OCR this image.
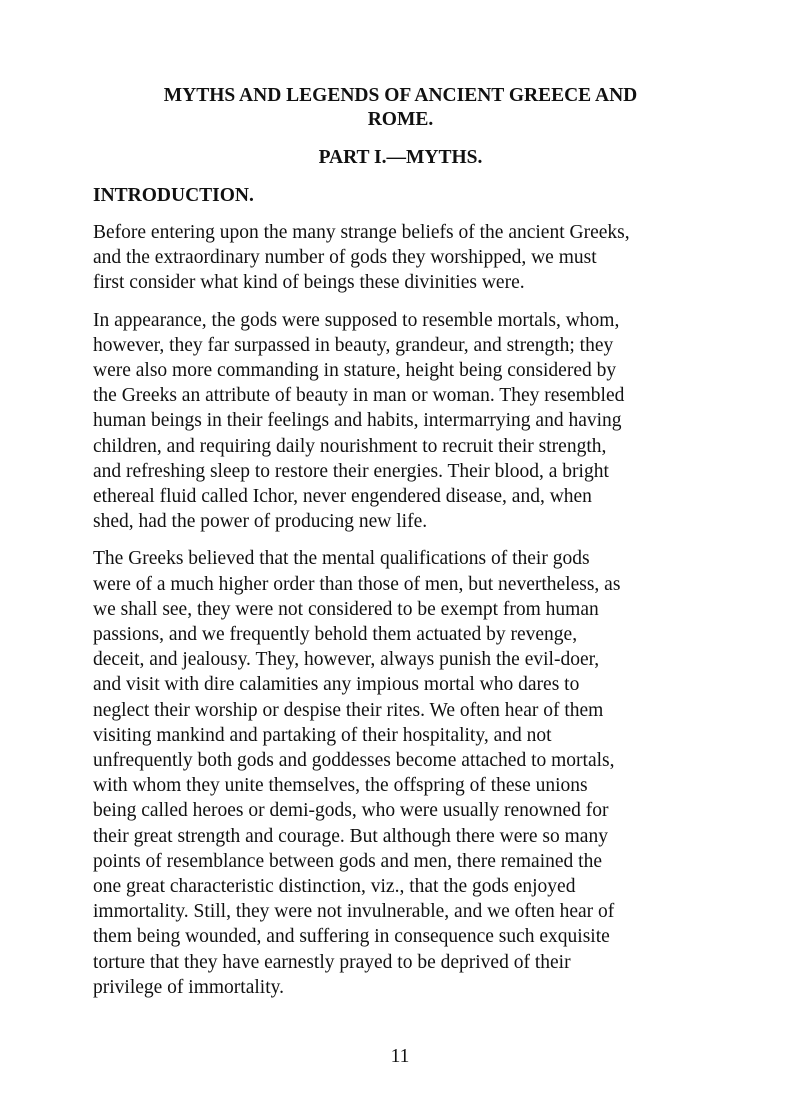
MYTHS AND LEGENDS OF ANCIENT GREECE AND
ROME.
PART I.—MYTHS.
INTRODUCTION.
Before entering upon the many strange beliefs of the ancient Greeks,
and the extraordinary number of gods they worshipped, we must
first consider what kind of beings these divinities were.
In appearance, the gods were supposed to resemble mortals, whom,
however, they far surpassed in beauty, grandeur, and strength; they
were also more commanding in stature, height being considered by
the Greeks an attribute of beauty in man or woman. They resembled
human beings in their feelings and habits, intermarrying and having
children, and requiring daily nourishment to recruit their strength,
and refreshing sleep to restore their energies. Their blood, a bright
ethereal fluid called Ichor, never engendered disease, and, when
shed, had the power of producing new life.
The Greeks believed that the mental qualifications of their gods
were of a much higher order than those of men, but nevertheless, as
we shall see, they were not considered to be exempt from human
passions, and we frequently behold them actuated by revenge,
deceit, and jealousy. They, however, always punish the evil-doer,
and visit with dire calamities any impious mortal who dares to
neglect their worship or despise their rites. We often hear of them
visiting mankind and partaking of their hospitality, and not
unfrequently both gods and goddesses become attached to mortals,
with whom they unite themselves, the offspring of these unions
being called heroes or demi-gods, who were usually renowned for
their great strength and courage. But although there were so many
points of resemblance between gods and men, there remained the
one great characteristic distinction, viz., that the gods enjoyed
immortality. Still, they were not invulnerable, and we often hear of
them being wounded, and suffering in consequence such exquisite
torture that they have earnestly prayed to be deprived of their
privilege of immortality.
11
